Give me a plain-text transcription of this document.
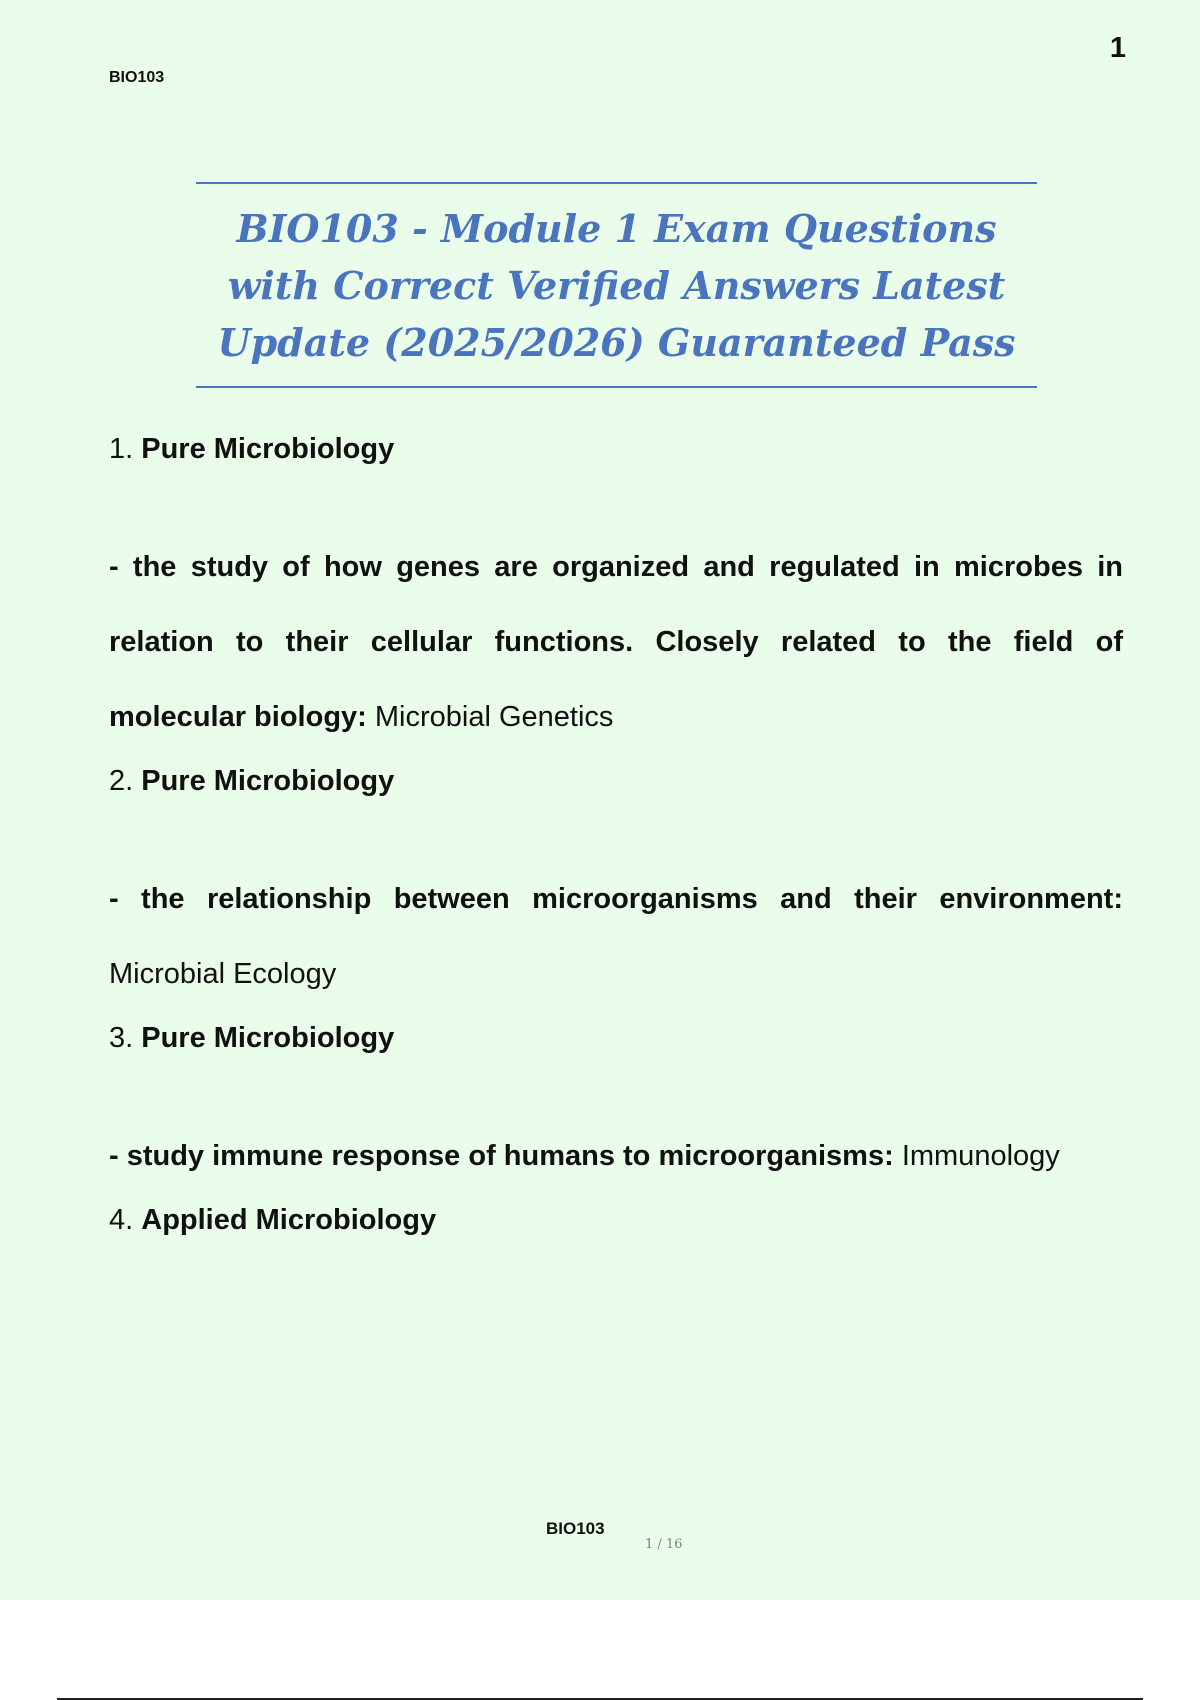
BIO103
1
BIO103 - Module 1 Exam Questions with Correct Verified Answers Latest Update (2025/2026) Guaranteed Pass
1. Pure Microbiology
- the study of how genes are organized and regulated in microbes in relation to their cellular functions. Closely related to the field of molecular biology: Microbial Genetics
2. Pure Microbiology
- the relationship between microorganisms and their environment: Microbial Ecology
3. Pure Microbiology
- study immune response of humans to microorganisms: Immunology
4. Applied Microbiology
BIO103
1 / 16
